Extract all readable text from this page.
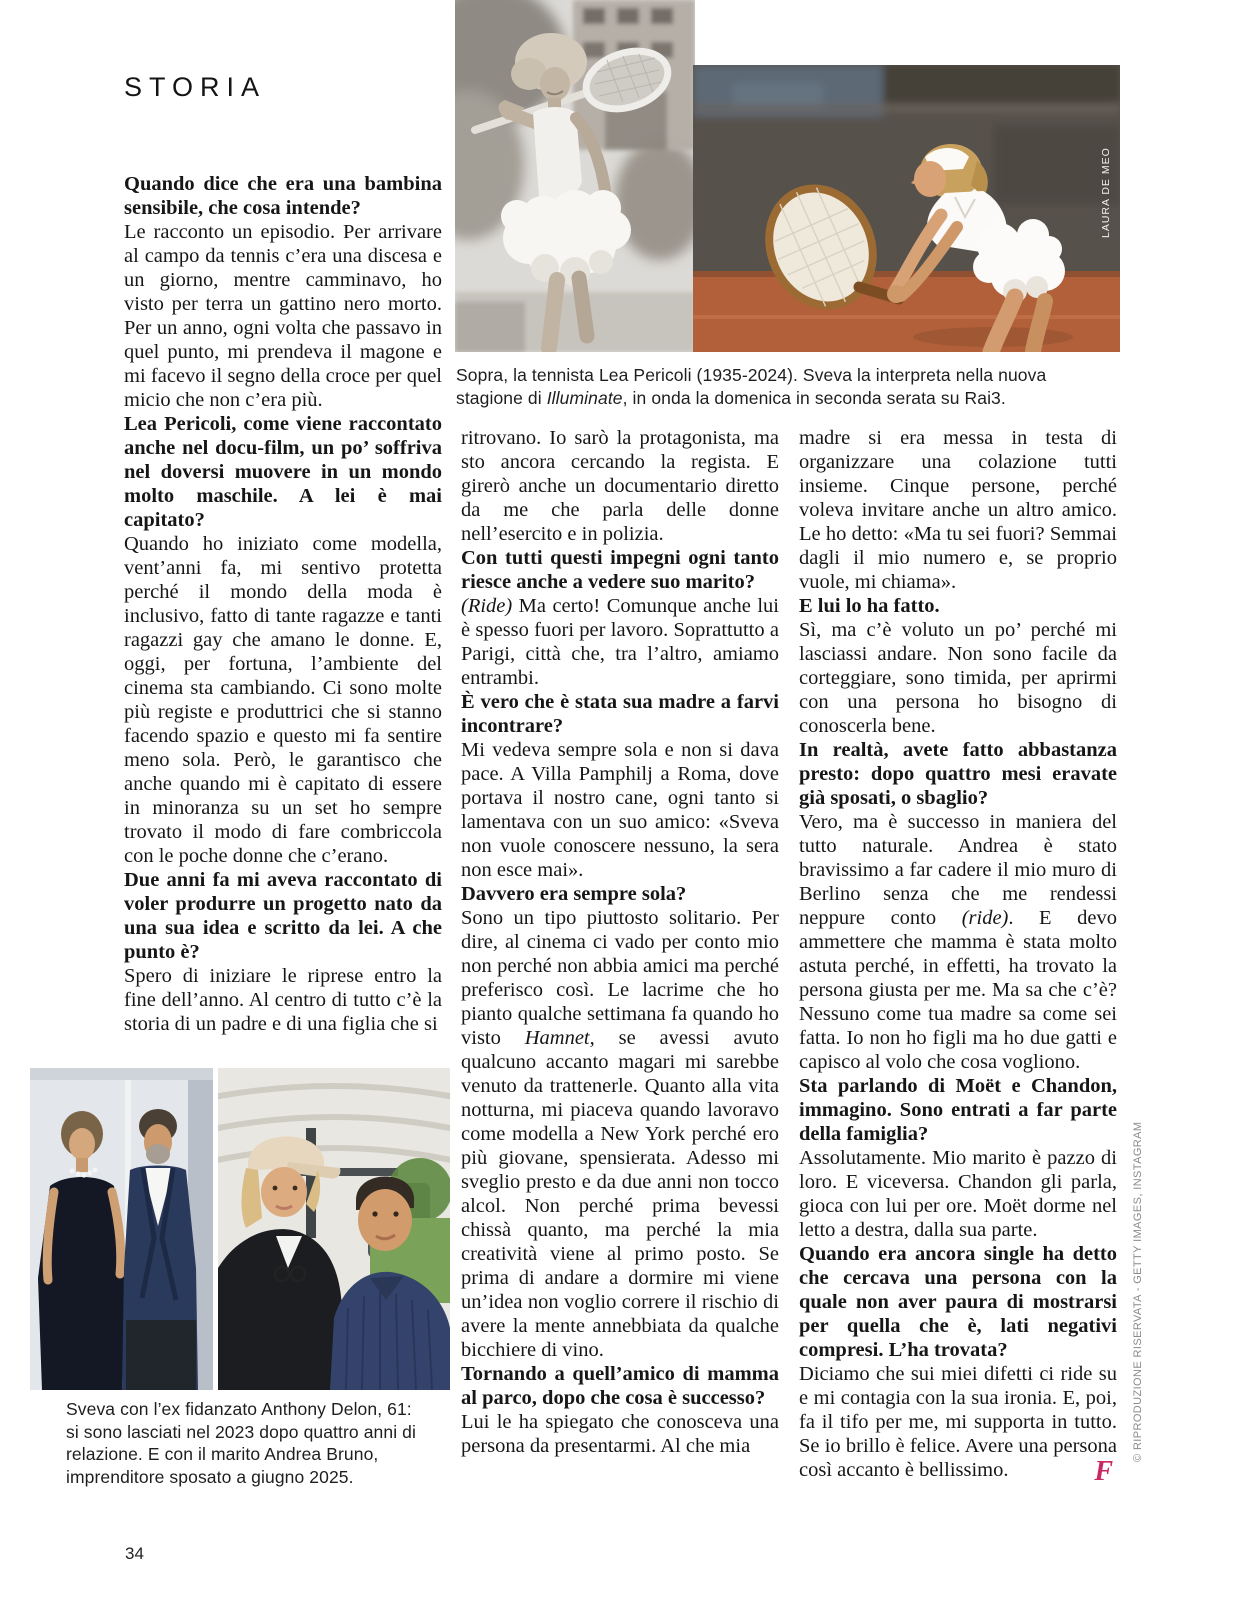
STORIA
LAURA DE MEO
Sopra, la tennista Lea Pericoli (1935-2024). Sveva la interpreta nella nuova stagione di Illuminate, in onda la domenica in seconda serata su Rai3.

Quando dice che era una bambina sensibile, che cosa intende?

Le racconto un episodio. Per arrivare al campo da tennis c’era una discesa e un giorno, mentre camminavo, ho visto per terra un gattino nero morto. Per un anno, ogni volta che passavo in quel punto, mi prendeva il magone e mi facevo il segno della croce per quel micio che non c’era più.

Lea Pericoli, come viene raccontato anche nel docu-film, un po’ soffriva nel doversi muovere in un mondo molto maschile. A lei è mai capitato?

Quando ho iniziato come modella, vent’anni fa, mi sentivo protetta perché il mondo della moda è inclusivo, fatto di tante ragazze e tanti ragazzi gay che amano le donne. E, oggi, per fortuna, l’ambiente del cinema sta cambiando. Ci sono molte più registe e produttrici che si stanno facendo spazio e questo mi fa sentire meno sola. Però, le garantisco che anche quando mi è capitato di essere in minoranza su un set ho sempre trovato il modo di fare combriccola con le poche donne che c’erano.

Due anni fa mi aveva raccontato di voler produrre un progetto nato da una sua idea e scritto da lei. A che punto è?

Spero di iniziare le riprese entro la fine dell’anno. Al centro di tutto c’è la storia di un padre e di una figlia che si

ritrovano. Io sarò la protagonista, ma sto ancora cercando la regista. E girerò anche un documentario diretto da me che parla delle donne nell’esercito e in polizia.

Con tutti questi impegni ogni tanto riesce anche a vedere suo marito?

(Ride) Ma certo! Comunque anche lui è spesso fuori per lavoro. Soprattutto a Parigi, città che, tra l’altro, amiamo entrambi.

È vero che è stata sua madre a farvi incontrare?

Mi vedeva sempre sola e non si dava pace. A Villa Pamphilj a Roma, dove portava il nostro cane, ogni tanto si lamentava con un suo amico: «Sveva non vuole conoscere nessuno, la sera non esce mai».

Davvero era sempre sola?

Sono un tipo piuttosto solitario. Per dire, al cinema ci vado per conto mio non perché non abbia amici ma perché preferisco così. Le lacrime che ho pianto qualche settimana fa quando ho visto Hamnet, se avessi avuto qualcuno accanto magari mi sarebbe venuto da trattenerle. Quanto alla vita notturna, mi piaceva quando lavoravo come modella a New York perché ero più giovane, spensierata. Adesso mi sveglio presto e da due anni non tocco alcol. Non perché prima bevessi chissà quanto, ma perché la mia creatività viene al primo posto. Se prima di andare a dormire mi viene un’idea non voglio correre il rischio di avere la mente annebbiata da qualche bicchiere di vino.

Tornando a quell’amico di mamma al parco, dopo che cosa è successo?

Lui le ha spiegato che conosceva una persona da presentarmi. Al che mia

madre si era messa in testa di organizzare una colazione tutti insieme. Cinque persone, perché voleva invitare anche un altro amico. Le ho detto: «Ma tu sei fuori? Semmai dagli il mio numero e, se proprio vuole, mi chiama».

E lui lo ha fatto.

Sì, ma c’è voluto un po’ perché mi lasciassi andare. Non sono facile da corteggiare, sono timida, per aprirmi con una persona ho bisogno di conoscerla bene.

In realtà, avete fatto abbastanza presto: dopo quattro mesi eravate già sposati, o sbaglio?

Vero, ma è successo in maniera del tutto naturale. Andrea è stato bravissimo a far cadere il mio muro di Berlino senza che me rendessi neppure conto (ride). E devo ammettere che mamma è stata molto astuta perché, in effetti, ha trovato la persona giusta per me. Ma sa che c’è? Nessuno come tua madre sa come sei fatta. Io non ho figli ma ho due gatti e capisco al volo che cosa vogliono.

Sta parlando di Moët e Chandon, immagino. Sono entrati a far parte della famiglia?

Assolutamente. Mio marito è pazzo di loro. E viceversa. Chandon gli parla, gioca con lui per ore. Moët dorme nel letto a destra, dalla sua parte.

Quando era ancora single ha detto che cercava una persona con la quale non aver paura di mostrarsi per quella che è, lati negativi compresi. L’ha trovata?

Diciamo che sui miei difetti ci ride su e mi contagia con la sua ironia. E, poi, fa il tifo per me, mi supporta in tutto. Se io brillo è felice. Avere una persona così accanto è bellissimo.	F
Sveva con l’ex fidanzato Anthony Delon, 61: si sono lasciati nel 2023 dopo quattro anni di relazione. E con il marito Andrea Bruno, imprenditore sposato a giugno 2025.
© RIPRODUZIONE RISERVATA - GETTY IMAGES, INSTAGRAM
34
